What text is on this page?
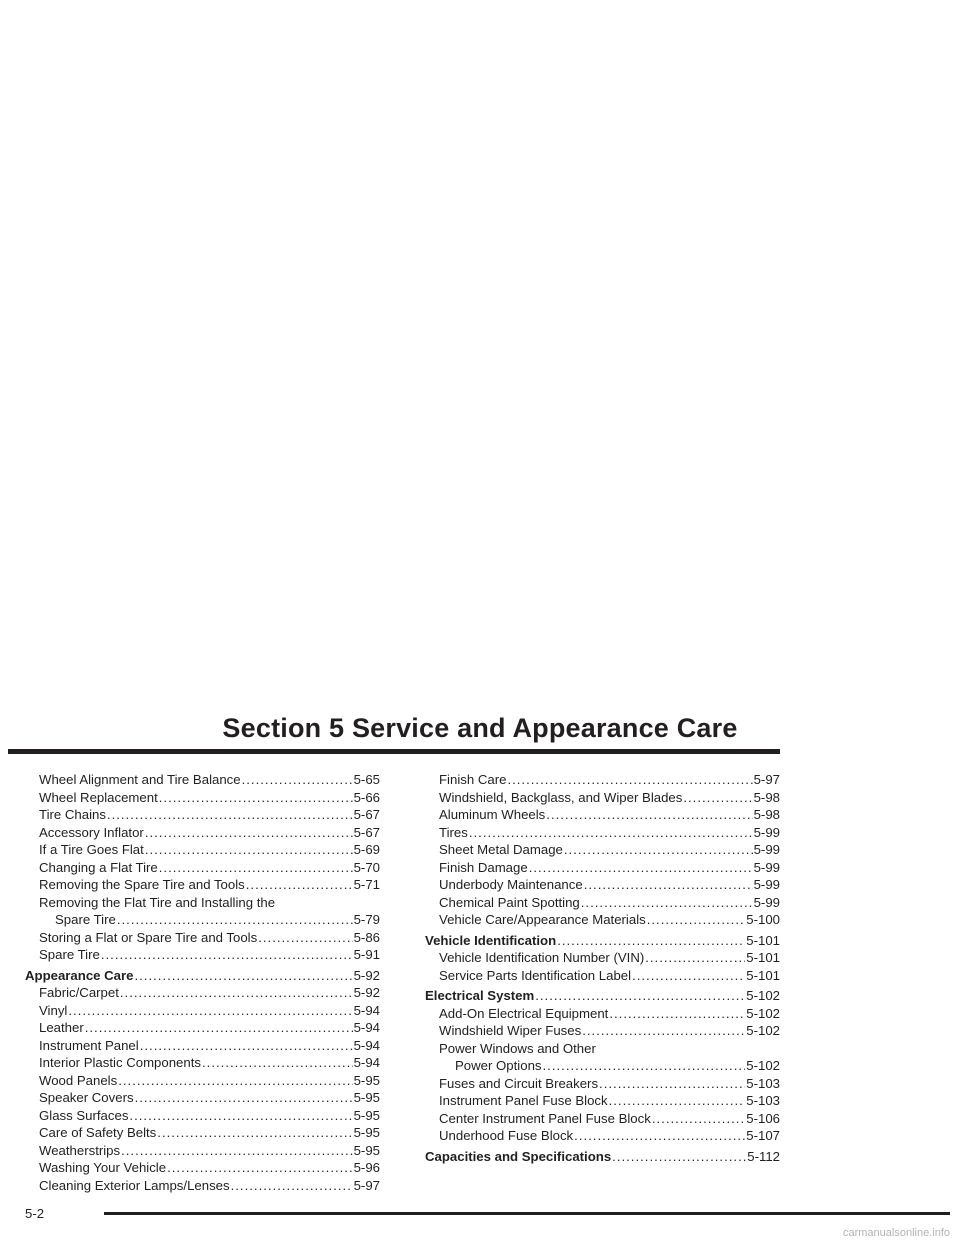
Section 5 Service and Appearance Care
Wheel Alignment and Tire Balance .....	5-65
Wheel Replacement .....	5-66
Tire Chains .....	5-67
Accessory Inflator .....	5-67
If a Tire Goes Flat .....	5-69
Changing a Flat Tire .....	5-70
Removing the Spare Tire and Tools .....	5-71
Removing the Flat Tire and Installing the
Spare Tire .....	5-79
Storing a Flat or Spare Tire and Tools .....	5-86
Spare Tire .....	5-91
Appearance Care .....	5-92
Fabric/Carpet .....	5-92
Vinyl .....	5-94
Leather .....	5-94
Instrument Panel .....	5-94
Interior Plastic Components .....	5-94
Wood Panels .....	5-95
Speaker Covers .....	5-95
Glass Surfaces .....	5-95
Care of Safety Belts .....	5-95
Weatherstrips .....	5-95
Washing Your Vehicle .....	5-96
Cleaning Exterior Lamps/Lenses .....	5-97
Finish Care .....	5-97
Windshield, Backglass, and Wiper Blades .....	5-98
Aluminum Wheels .....	5-98
Tires .....	5-99
Sheet Metal Damage .....	5-99
Finish Damage .....	5-99
Underbody Maintenance .....	5-99
Chemical Paint Spotting .....	5-99
Vehicle Care/Appearance Materials .....	5-100
Vehicle Identification .....	5-101
Vehicle Identification Number (VIN) .....	5-101
Service Parts Identification Label .....	5-101
Electrical System .....	5-102
Add-On Electrical Equipment .....	5-102
Windshield Wiper Fuses .....	5-102
Power Windows and Other
Power Options .....	5-102
Fuses and Circuit Breakers .....	5-103
Instrument Panel Fuse Block .....	5-103
Center Instrument Panel Fuse Block .....	5-106
Underhood Fuse Block .....	5-107
Capacities and Specifications .....	5-112
5-2
carmanualsonline.info
